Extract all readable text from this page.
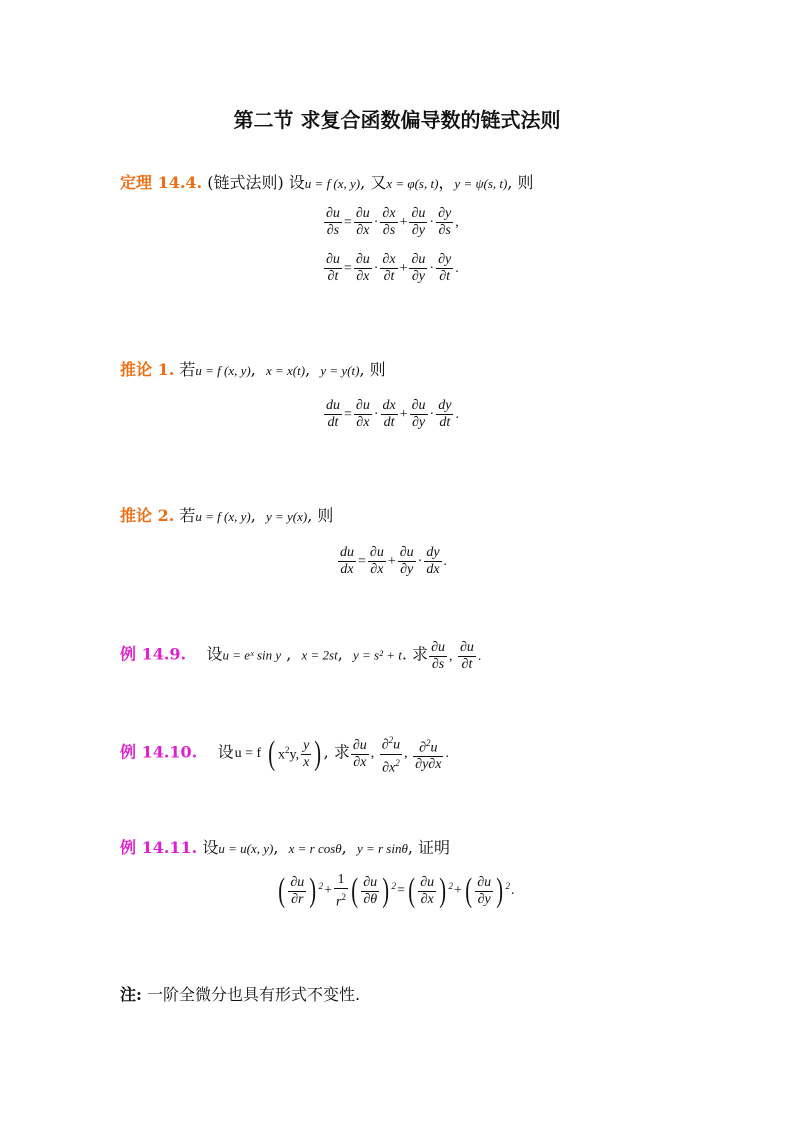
第二节 求复合函数偏导数的链式法则
定理 14.4. (链式法则) 设u = f (x, y), 又x = φ(s, t)，y = ψ(s, t), 则
$\frac{\partial u}{\partial s} = \frac{\partial u}{\partial x} \cdot \frac{\partial x}{\partial s} + \frac{\partial u}{\partial y} \cdot \frac{\partial y}{\partial s}$ ,
$\frac{\partial u}{\partial t} = \frac{\partial u}{\partial x} \cdot \frac{\partial x}{\partial t} + \frac{\partial u}{\partial y} \cdot \frac{\partial y}{\partial t}$ .
推论 1. 若u = f (x, y), x = x(t), y = y(t), 则
$\frac{du}{dt} = \frac{\partial u}{\partial x} \cdot \frac{dx}{dt} + \frac{\partial u}{\partial y} \cdot \frac{dy}{dt}$ .
推论 2. 若u = f (x, y), y = y(x), 则
$\frac{du}{dx} = \frac{\partial u}{\partial x} + \frac{\partial u}{\partial y} \cdot \frac{dy}{dx}$ .
例 14.9. 设u = eˣ sin y , x = 2st, y = s² + t. 求 $\frac{\partial u}{\partial s}$ , $\frac{\partial u}{\partial t}$ .
例 14.10. 设u = f ( $x^2y$, $\frac{y}{x}$ ) , 求 $\frac{\partial u}{\partial x}$ , $\frac{\partial^2u}{\partial x^2}$ , $\frac{\partial^2u}{\partial y\partial x}$ .
例 14.11. 设u = u(x, y), x = r cosθ, y = r sinθ, 证明
( $\frac{\partial u}{\partial r}$ ) $^2+ \frac{1}{r^2}$ ( $\frac{\partial u}{\partial\theta}$ ) $^2=( \frac{\partial u}{\partial x}$ ) $^2+( \frac{\partial u}{\partial y}$ ) $^2$.
注: 一阶全微分也具有形式不变性.
